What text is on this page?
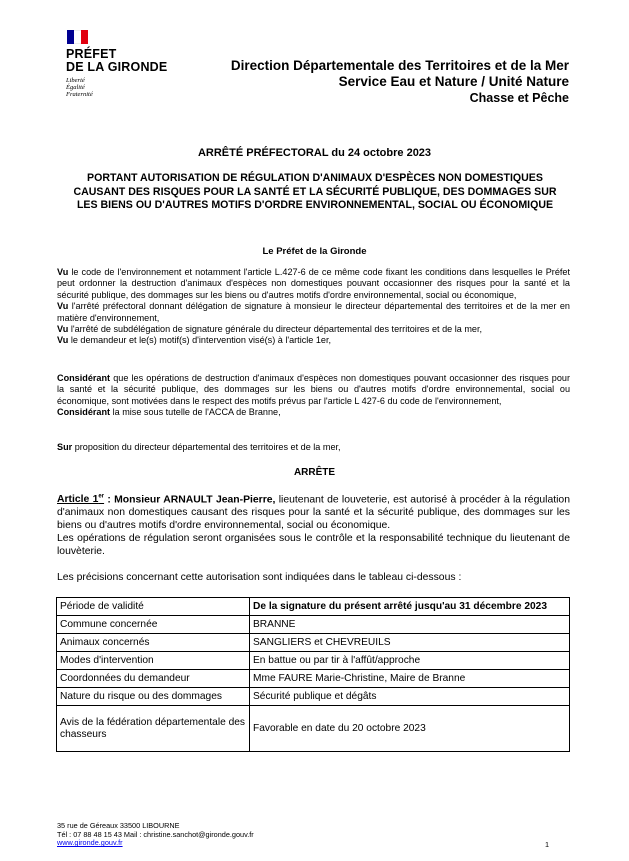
PRÉFET
DE LA GIRONDE
Liberté
Égalité
Fraternité
Direction Départementale des Territoires et de la Mer
Service Eau et Nature / Unité Nature
Chasse et Pêche
ARRÊTÉ PRÉFECTORAL du 24 octobre 2023
PORTANT AUTORISATION DE RÉGULATION D'ANIMAUX D'ESPÈCES NON DOMESTIQUES CAUSANT DES RISQUES POUR LA SANTÉ ET LA SÉCURITÉ PUBLIQUE, DES DOMMAGES SUR LES BIENS OU D'AUTRES MOTIFS D'ORDRE ENVIRONNEMENTAL, SOCIAL OU ÉCONOMIQUE
Le Préfet de la Gironde

Vu le code de l'environnement et notamment l'article L.427-6 de ce même code fixant les conditions dans lesquelles le Préfet peut ordonner la destruction d'animaux d'espèces non domestiques pouvant occasionner des risques pour la santé et la sécurité publique, des dommages sur les biens ou d'autres motifs d'ordre environnemental, social ou économique,

Vu l'arrêté préfectoral donnant délégation de signature à monsieur le directeur départemental des territoires et de la mer en matière d'environnement,

Vu l'arrêté de subdélégation de signature générale du directeur départemental des territoires et de la mer,

Vu le demandeur et le(s) motif(s) d'intervention visé(s) à l'article 1er,

Considérant que les opérations de destruction d'animaux d'espèces non domestiques pouvant occasionner des risques pour la santé et la sécurité publique, des dommages sur les biens ou d'autres motifs d'ordre environnemental, social ou économique, sont motivées dans le respect des motifs prévus par l'article L 427-6 du code de l'environnement,

Considérant la mise sous tutelle de l'ACCA de Branne,

Sur proposition du directeur départemental des territoires et de la mer,

ARRÊTE

Article 1er : Monsieur ARNAULT Jean-Pierre, lieutenant de louveterie, est autorisé à procéder à la régulation d'animaux non domestiques causant des risques pour la santé et la sécurité publique, des dommages sur les biens ou d'autres motifs d'ordre environnemental, social ou économique.

Les opérations de régulation seront organisées sous le contrôle et la responsabilité technique du lieutenant de louvèterie.

Les précisions concernant cette autorisation sont indiquées dans le tableau ci-dessous :
Période de validité	De la signature du présent arrêté jusqu'au 31 décembre 2023
Commune concernée	BRANNE
Animaux concernés	SANGLIERS et CHEVREUILS
Modes d'intervention	En battue ou par tir à l'affût/approche
Coordonnées du demandeur	Mme FAURE Marie-Christine, Maire de Branne
Nature du risque ou des dommages	Sécurité publique et dégâts
Avis de la fédération départementale des chasseurs	Favorable en date du 20 octobre 2023
35 rue de Géreaux 33500 LIBOURNE
Tél : 07 88 48 15 43 Mail : christine.sanchot@gironde.gouv.fr
www.gironde.gouv.fr	1
